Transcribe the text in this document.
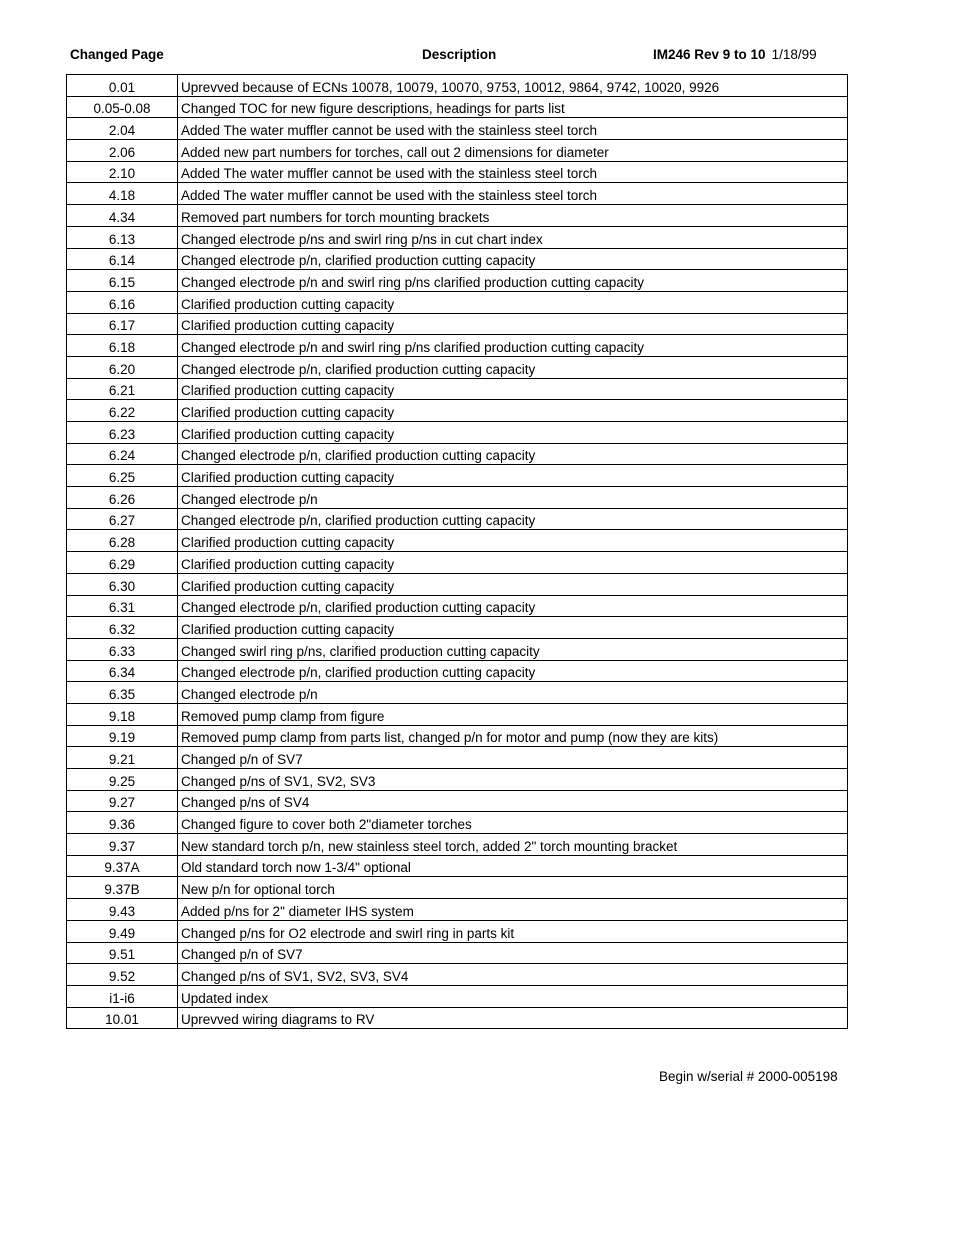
Changed Page	Description	IM246 Rev 9 to 10 1/18/99
0.01	Uprevved because of ECNs 10078, 10079, 10070, 9753, 10012, 9864, 9742, 10020, 9926
0.05-0.08	Changed TOC for new figure descriptions, headings for parts list
2.04	Added The water muffler cannot be used with the stainless steel torch
2.06	Added new part numbers for torches, call out 2 dimensions for diameter
2.10	Added The water muffler cannot be used with the stainless steel torch
4.18	Added The water muffler cannot be used with the stainless steel torch
4.34	Removed part numbers for torch mounting brackets
6.13	Changed electrode p/ns and swirl ring p/ns in cut chart index
6.14	Changed electrode p/n, clarified production cutting capacity
6.15	Changed electrode p/n and swirl ring p/ns clarified production cutting capacity
6.16	Clarified production cutting capacity
6.17	Clarified production cutting capacity
6.18	Changed electrode p/n and swirl ring p/ns clarified production cutting capacity
6.20	Changed electrode p/n, clarified production cutting capacity
6.21	Clarified production cutting capacity
6.22	Clarified production cutting capacity
6.23	Clarified production cutting capacity
6.24	Changed electrode p/n, clarified production cutting capacity
6.25	Clarified production cutting capacity
6.26	Changed electrode p/n
6.27	Changed electrode p/n, clarified production cutting capacity
6.28	Clarified production cutting capacity
6.29	Clarified production cutting capacity
6.30	Clarified production cutting capacity
6.31	Changed electrode p/n, clarified production cutting capacity
6.32	Clarified production cutting capacity
6.33	Changed swirl ring p/ns, clarified production cutting capacity
6.34	Changed electrode p/n, clarified production cutting capacity
6.35	Changed electrode p/n
9.18	Removed pump clamp from figure
9.19	Removed pump clamp from parts list, changed p/n for motor and pump (now they are kits)
9.21	Changed p/n of SV7
9.25	Changed p/ns of SV1, SV2, SV3
9.27	Changed p/ns of SV4
9.36	Changed figure to cover both 2"diameter torches
9.37	New standard torch p/n, new stainless steel torch, added 2" torch mounting bracket
9.37A	Old standard torch now 1-3/4" optional
9.37B	New p/n for optional torch
9.43	Added p/ns for 2" diameter IHS system
9.49	Changed p/ns for O2 electrode and swirl ring in parts kit
9.51	Changed p/n of SV7
9.52	Changed p/ns of SV1, SV2, SV3, SV4
i1-i6	Updated index
10.01	Uprevved wiring diagrams to RV
Begin w/serial # 2000-005198
